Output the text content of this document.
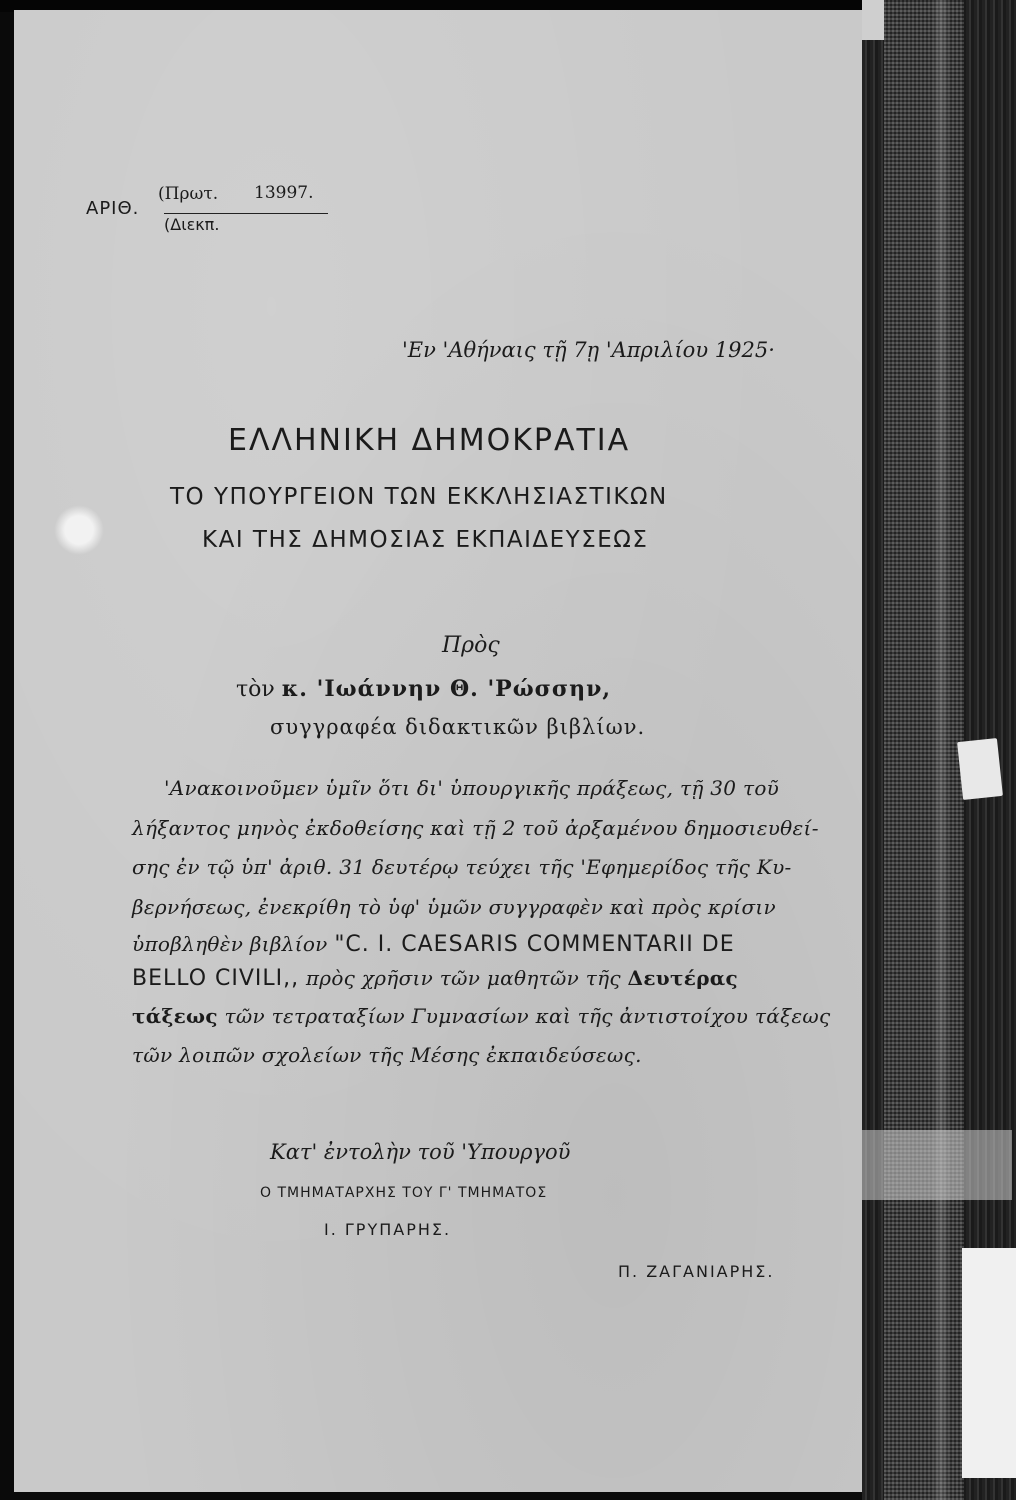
ΑΡΙΘ.
(Πρωτ. 13997.
(Διεκπ.
'Εν 'Αθήναις τῇ 7ῃ 'Απριλίου 1925·
ΕΛΛΗΝΙΚΗ ΔΗΜΟΚΡΑΤΙΑ
ΤΟ ΥΠΟΥΡΓΕΙΟΝ ΤΩΝ ΕΚΚΛΗΣΙΑΣΤΙΚΩΝ
ΚΑΙ ΤΗΣ ΔΗΜΟΣΙΑΣ ΕΚΠΑΙΔΕΥΣΕΩΣ
Πρὸς
τὸν κ. 'Ιωάννην Θ. 'Ρώσσην,
συγγραφέα διδακτικῶν βιβλίων.
'Ανακοινοῦμεν ὑμῖν ὅτι δι' ὑπουργικῆς πράξεως, τῇ 30 τοῦ
λήξαντος μηνὸς ἐκδοθείσης καὶ τῇ 2 τοῦ ἀρξαμένου δημοσιευθεί-
σης ἐν τῷ ὑπ' ἀριθ. 31 δευτέρῳ τεύχει τῆς 'Εφημερίδος τῆς Κυ-
βερνήσεως, ἐνεκρίθη τὸ ὑφ' ὑμῶν συγγραφὲν καὶ πρὸς κρίσιν
ὑποβληθὲν βιβλίον "C. I. CAESARIS COMMENTARII DE
BELLO CIVILI,, πρὸς χρῆσιν τῶν μαθητῶν τῆς Δευτέρας
τάξεως τῶν τετραταξίων Γυμνασίων καὶ τῆς ἀντιστοίχου τάξεως
τῶν λοιπῶν σχολείων τῆς Μέσης ἐκπαιδεύσεως.
Κατ' ἐντολὴν τοῦ 'Υπουργοῦ
Ο ΤΜΗΜΑΤΑΡΧΗΣ ΤΟΥ Γ' ΤΜΗΜΑΤΟΣ
Ι. ΓΡΥΠΑΡΗΣ.
Π. ΖΑΓΑΝΙΑΡΗΣ.
